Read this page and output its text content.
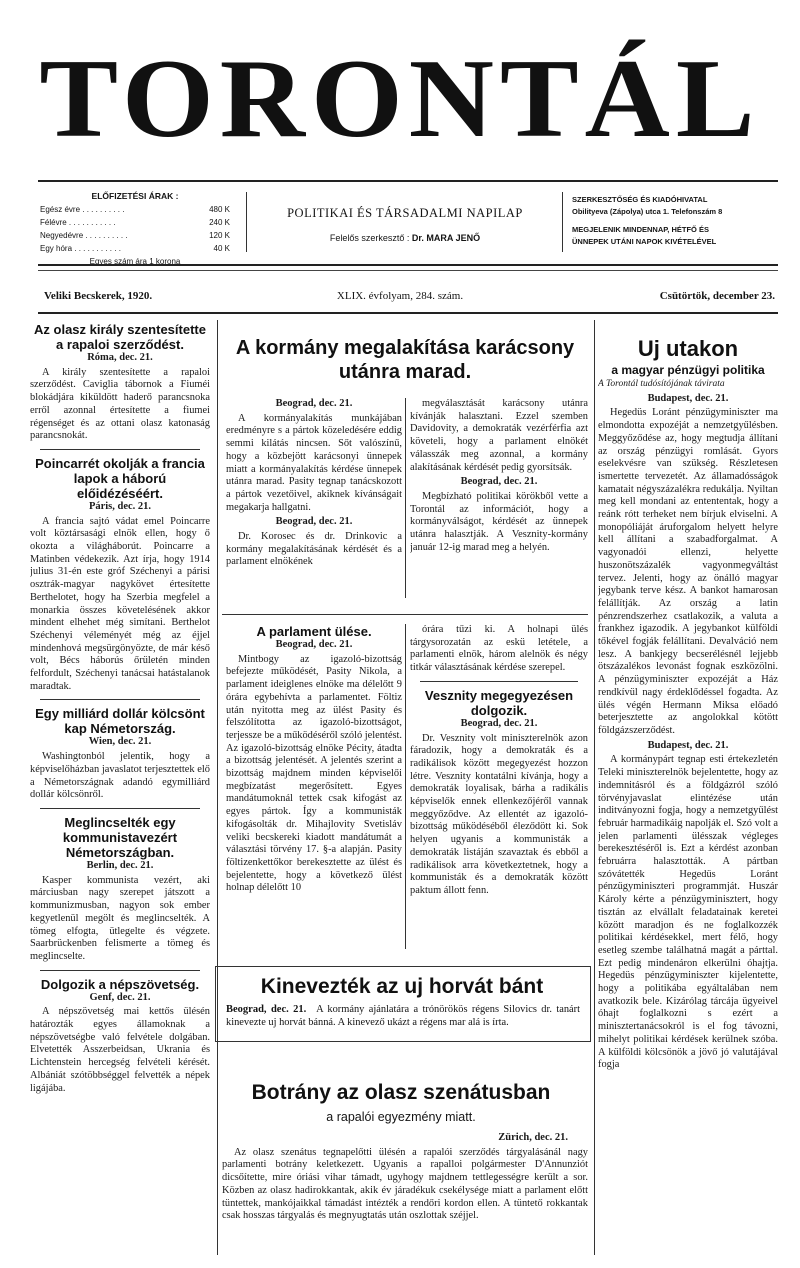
TORONTÁL
ELŐFIZETÉSI ÁRAK :
Egész évre . . . . . . . . . .	480 K
Félévre . . . . . . . . . . .	240 K
Negyedévre . . . . . . . . . .	120 K
Egy hóra . . . . . . . . . . .	40 K
Egyes szám ára 1 korona
POLITIKAI ÉS TÁRSADALMI NAPILAP
Felelős szerkesztő : Dr. MARA JENŐ
SZERKESZTŐSÉG ÉS KIADÓHIVATAL
Obilityeva (Zápolya) utca 1. Telefonszám 8
MEGJELENIK MINDENNAP, HÉTFŐ ÉS
ÜNNEPEK UTÁNI NAPOK KIVÉTELÉVEL
Veliki Becskerek, 1920.	XLIX. évfolyam, 284. szám.	Csütörtök, december 23.
Az olasz király szentesítette a rapaloi szerződést.

Róma, dec. 21.

A király szentesítette a rapaloi szerződést. Caviglia tábornok a Fiuméi blokádjára kiküldött haderő parancsnoka erről azonnal értesítette a fiumei régenséget és az ottani olasz katonaság parancsnokát.

Poincarrét okolják a francia lapok a háború előidézéséért.

Páris, dec. 21.

A francia sajtó vádat emel Poincarre volt köztársasági elnök ellen, hogy ő okozta a világháborút. Poincarre a Matinben védekezik. Azt írja, hogy 1914 julius 31-én este gróf Széchenyi a párisi osztrák-magyar nagykövet értesítette Berthelotet, hogy ha Szerbia megfelel a monarkia összes követelésének akkor mindent elhehet még simítani. Berthelot Széchenyi véleményét még az éjjel mindenhová megsürgönyözte, de már késő volt, Bécs háborús őrületén minden felfordult, Széchenyi tanácsai hatástalanok maradtak.

Egy milliárd dollár kölcsönt kap Németország.

Wien, dec. 21.

Washingtonból jelentik, hogy a képviselőházban javaslatot terjesztettek elő a Németországnak adandó egymilliárd dollár kölcsönről.

Meglincselték egy kommunistavezért Németországban.

Berlin, dec. 21.

Kasper kommunista vezért, aki márciusban nagy szerepet játszott a kommunizmusban, nagyon sok ember kegyetlenül megölt és meglincselték. A tömeg elfogta, ütlegelte és végzete. Saarbrückenben felismerte a tömeg és meglincselte.

Dolgozik a népszövetség.

Genf, dec. 21.

A népszövetség mai kettős ülésén határozták egyes államoknak a népszövetségbe való felvétele dolgában. Elvetették Asszerbeidsan, Ukrania és Lichtenstein hercegség felvételi kérését. Albániát szótöbbséggel felvették a népek ligájába.

A kormány megalakítása karácsony utánra marad.

Beograd, dec. 21.

A kormányalakítás munkájában eredményre s a pártok közeledésére eddig semmi kilátás nincsen. Sőt valószínű, hogy a közbejött karácsonyi ünnepek miatt a kormányalakítás kérdése ünnepek utánra marad. Pasity tegnap tanácskozott a pártok vezetőivel, akiknek kívánságait megakarja hallgatni.

Beograd, dec. 21.

Dr. Korosec és dr. Drinkovic a kormány megalakításának kérdését és a parlament elnökének

megválasztását karácsony utánra kívánják halasztani. Ezzel szemben Davidovity, a demokraták vezérférfia azt követeli, hogy a parlament elnökét válasszák meg azonnal, a kormány alakításának kérdését pedig gyorsítsák.

Beograd, dec. 21.

Megbízható politikai körökből vette a Torontál az információt, hogy a kormányválságot, kérdését az ünnepek utánra halasztják. A Vesznity-kormány január 12-ig marad meg a helyén.

A parlament ülése.

Beograd, dec. 21.

Mintbogy az igazoló-bizottság befejezte működését, Pasity Nikola, a parlament ideiglenes elnöke ma délelőtt 9 órára egybehívta a parlamentet. Föltiz után nyitotta meg az ülést Pasity és felszólította az igazoló-bizottságot, terjessze be a működéséről szóló jelentést. Az igazoló-bizottság elnöke Pécity, átadta a bizottság jelentését. A jelentés szerint a bizottság majdnem minden képviselői megbízatást megerősített. Egyes mandátumoknál tettek csak kifogást az egyes pártok. Így a kommunisták kifogásolták dr. Mihajlovity Svetisláv veliki becskereki kiadott mandátumát a választási törvény 17. §-a alapján. Pasity föltizenkettőkor berekesztette az ülést és bejelentette, hogy a következő ülést holnap délelőtt 10

órára tűzi ki. A holnapi ülés tárgysorozatán az eskü letétele, a parlamenti elnök, három alelnök és négy titkár választásának kérdése szerepel.

Vesznity megegyezésen dolgozik.

Beograd, dec. 21.

Dr. Vesznity volt miniszterelnök azon fáradozik, hogy a demokraták és a radikálisok között megegyezést hozzon létre. Vesznity kontatálni kívánja, hogy a demokraták loyalisak, bárha a radikális képviselők ennek ellenkezőjéről vannak meggyőződve. Az ellentét az igazoló-bizottság működéséből éleződött ki. Sok helyen ugyanis a kommunisták a demokraták listáján szavaztak és ebből a radikálisok arra következtetnek, hogy a kommunisták és a demokraták között paktum állott fenn.

Kinevezték az uj horvát bánt
Beograd, dec. 21. A kormány ajánlatára a trónörökös régens Silovics dr. tanárt kinevezte uj horvát bánná. A kinevező ukázt a régens mar alá is írta.
Botrány az olasz szenátusban
a rapalói egyezmény miatt.

Zürich, dec. 21.

Az olasz szenátus tegnapelőtti ülésén a rapalói szerződés tárgyalásánál nagy parlamenti botrány keletkezett. Ugyanis a rapalloi polgármester D'Annunziót dicsőítette, mire óriási vihar támadt, ugyhogy majdnem tettlegességre került a sor. Közben az olasz hadirokkantak, akik év járadékuk csekélysége miatt a parlament előtt tüntettek, mankójaikkal támadást intézték a rendőri kordon ellen. A tüntető rokkantak csak hosszas tárgyalás és megnyugtatás után oszlottak széjjel.

Uj utakon
a magyar pénzügyi politika

A Torontál tudósítójának távirata

Budapest, dec. 21.

Hegedüs Loránt pénzügyminiszter ma elmondotta expozéját a nemzetgyűlésben. Meggyőződése az, hogy megtudja állítani az ország pénzügyi romlását. Gyors eselekvésre van szükség. Részletesen ismertette tervezetét. Az államadósságok kamatait négyszázalékra redukálja. Nyiltan meg kell mondani az entententak, hogy a reánk rótt terheket nem bírjuk elviselni. A monopóliáját áruforgalom helyett helyre kell állítani a szabadforgalmat. A vagyonadói ellenzi, helyette huszonötszázalék vagyonmegváltást tervez. Jelenti, hogy az önálló magyar jegybank terve kész. A bankot hamarosan felállítják. Az ország a latin pénzrendszerhez csatlakozik, a valuta a frankhez igazodik. A jegybankot külföldi tőkével fogják felállítani. Devalváció nem lesz. A bankjegy becserélésnél lejjebb ötszázalékos levonást fognak eszközölni. A pénzügyminiszter expozéját a Ház rendkívül nagy érdeklődéssel fogadta. Az ülés végén Hermann Miksa előadó beterjesztette az angolokkal kötött földgázszerződést.

Budapest, dec. 21.

A kormánypárt tegnap esti értekezletén Teleki miniszterelnök bejelentette, hogy az indemnitásról és a földgázról szóló törvényjavaslat elintézése után inditványozni fogja, hogy a nemzetgyűlést február harmadikáig napolják el. Szó volt a jelen parlamenti ülésszak végleges berekesztéséről is. Ezt a kérdést azonban februárra halasztották. A pártban szóvátették Hegedüs Loránt pénzügyminiszteri programmját. Huszár Károly kérte a pénzügyminisztert, hogy tisztán az elvállalt feladatainak keretei között maradjon és ne foglalkozzék politikai kérdésekkel, mert félő, hogy esetleg szembe találhatná magát a párttal. Ezt pedig mindenáron elkerülni óhajtja. Hegedüs pénzügyminiszter kijelentette, hogy a politikába egyáltalában nem avatkozik bele. Kizárólag tárcája ügyeivel óhajt foglalkozni s ezért a minisztertanácsokról is el fog távozni, mihelyt politikai kérdések kerülnek szóba. A külföldi kölcsönök a jövő jó valutájával fogja
